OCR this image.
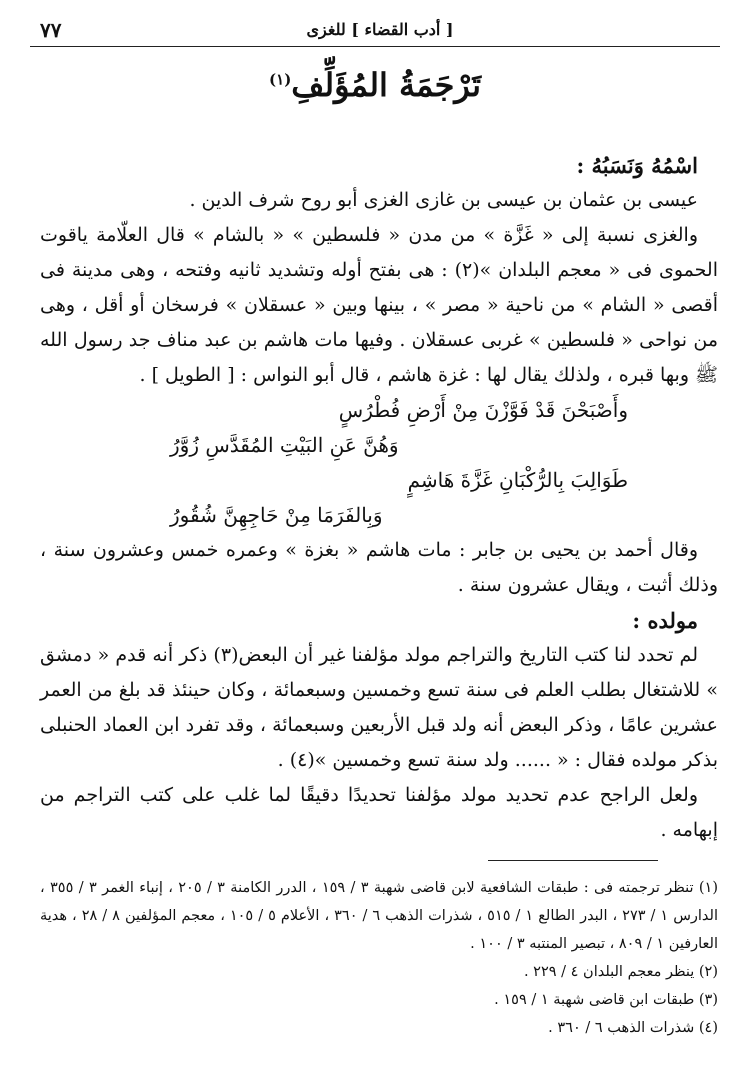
[ أدب القضاء ] للغزى
٧٧
تَرْجَمَةُ المُؤَلِّفِ$^{(١)}$

اسْمُهُ وَنَسَبُهُ :

عيسى بن عثمان بن عيسى بن غازى الغزى أبو روح شرف الدين .

والغزى نسبة إلى « غَزَّة » من مدن « فلسطين » « بالشام » قال العلّامة ياقوت الحموى فى « معجم البلدان »(٢) : هى بفتح أوله وتشديد ثانيه وفتحه ، وهى مدينة فى أقصى « الشام » من ناحية « مصر » ، بينها وبين « عسقلان » فرسخان أو أقل ، وهى من نواحى « فلسطين » غربى عسقلان . وفيها مات هاشم بن عبد مناف جد رسول الله ﷺ وبها قبره ، ولذلك يقال لها : غزة هاشم ، قال أبو النواس : [ الطويل ] .

وأَصْبَحْنَ قَدْ فَوَّزْنَ مِنْ أَرْضِ فُطْرُسٍ
وَهُنَّ عَنِ البَيْتِ المُقَدَّسِ زُوَّرُ
طَوَالِبَ بِالرُّكْبَانِ غَزَّةَ هَاشِمٍ
وَبِالفَرَمَا مِنْ حَاجِهِنَّ شُقُورُ

وقال أحمد بن يحيى بن جابر : مات هاشم « بغزة » وعمره خمس وعشرون سنة ، وذلك أثبت ، ويقال عشرون سنة .

مولده :

لم تحدد لنا كتب التاريخ والتراجم مولد مؤلفنا غير أن البعض(٣) ذكر أنه قدم « دمشق » للاشتغال بطلب العلم فى سنة تسع وخمسين وسبعمائة ، وكان حينئذ قد بلغ من العمر عشرين عامًا ، وذكر البعض أنه ولد قبل الأربعين وسبعمائة ، وقد تفرد ابن العماد الحنبلى بذكر مولده فقال : « ...... ولد سنة تسع وخمسين »(٤) .

ولعل الراجح عدم تحديد مولد مؤلفنا تحديدًا دقيقًا لما غلب على كتب التراجم من إبهامه .

(١) تنظر ترجمته فى : طبقات الشافعية لابن قاضى شهبة ٣ / ١٥٩ ، الدرر الكامنة ٣ / ٢٠٥ ، إنباء الغمر ٣ / ٣٥٥ ، الدارس ١ / ٢٧٣ ، البدر الطالع ١ / ٥١٥ ، شذرات الذهب ٦ / ٣٦٠ ، الأعلام ٥ / ١٠٥ ، معجم المؤلفين ٨ / ٢٨ ، هدية العارفين ١ / ٨٠٩ ، تبصير المنتبه ٣ / ١٠٠ .

(٢) ينظر معجم البلدان ٤ / ٢٢٩ .

(٣) طبقات ابن قاضى شهبة ١ / ١٥٩ .

(٤) شذرات الذهب ٦ / ٣٦٠ .
